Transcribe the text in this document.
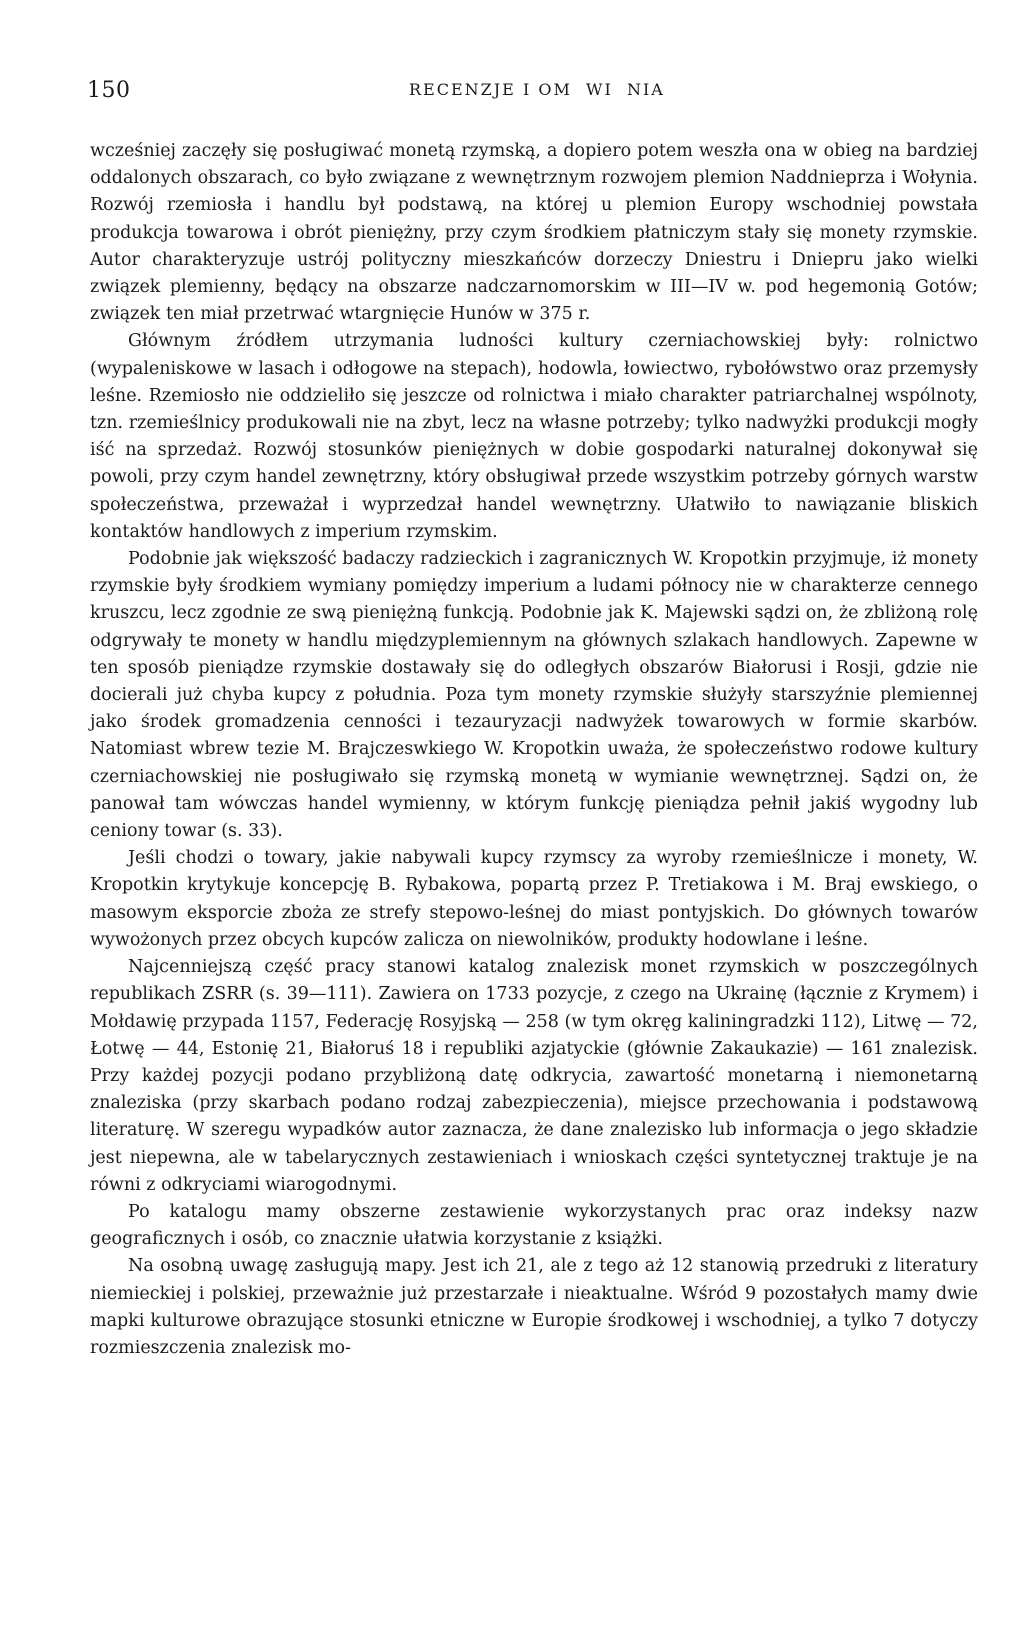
150	RECENZJE I OM  WI  NIA

wcześniej zaczęły się posługiwać monetą rzymską, a dopiero potem weszła ona w obieg na bardziej oddalonych obszarach, co było związane z wewnętrznym rozwojem plemion Naddnieprza i Wołynia. Rozwój rzemiosła i handlu był podstawą, na której u plemion Europy wschodniej powstała produkcja towarowa i obrót pieniężny, przy czym środkiem płatniczym stały się monety rzymskie. Autor charakteryzuje ustrój polityczny mieszkańców dorzeczy Dniestru i Dniepru jako wielki związek plemienny, będący na obszarze nadczarnomorskim w III—IV w. pod hegemonią Gotów; związek ten miał przetrwać wtargnięcie Hunów w 375 r.

Głównym źródłem utrzymania ludności kultury czerniachowskiej były: rolnictwo (wypaleniskowe w lasach i odłogowe na stepach), hodowla, łowiectwo, rybołówstwo oraz przemysły leśne. Rzemiosło nie oddzieliło się jeszcze od rolnictwa i miało charakter patriarchalnej wspólnoty, tzn. rzemieślnicy produkowali nie na zbyt, lecz na własne potrzeby; tylko nadwyżki produkcji mogły iść na sprzedaż. Rozwój stosunków pieniężnych w dobie gospodarki naturalnej dokonywał się powoli, przy czym handel zewnętrzny, który obsługiwał przede wszystkim potrzeby górnych warstw społeczeństwa, przeważał i wyprzedzał handel wewnętrzny. Ułatwiło to nawiązanie bliskich kontaktów handlowych z imperium rzymskim.

Podobnie jak większość badaczy radzieckich i zagranicznych W. Kropotkin przyjmuje, iż monety rzymskie były środkiem wymiany pomiędzy imperium a ludami północy nie w charakterze cennego kruszcu, lecz zgodnie ze swą pieniężną funkcją. Podobnie jak K. Majewski sądzi on, że zbliżoną rolę odgrywały te monety w handlu międzyplemiennym na głównych szlakach handlowych. Zapewne w ten sposób pieniądze rzymskie dostawały się do odległych obszarów Białorusi i Rosji, gdzie nie docierali już chyba kupcy z południa. Poza tym monety rzymskie służyły starszyźnie plemiennej jako środek gromadzenia cenności i tezauryzacji nadwyżek towarowych w formie skarbów. Natomiast wbrew tezie M. Brajczeswkiego W. Kropotkin uważa, że społeczeństwo rodowe kultury czerniachowskiej nie posługiwało się rzymską monetą w wymianie wewnętrznej. Sądzi on, że panował tam wówczas handel wymienny, w którym funkcję pieniądza pełnił jakiś wygodny lub ceniony towar (s. 33).

Jeśli chodzi o towary, jakie nabywali kupcy rzymscy za wyroby rzemieślnicze i monety, W. Kropotkin krytykuje koncepcję B. Rybakowa, popartą przez P. Tretiakowa i M. Braj ewskiego, o masowym eksporcie zboża ze strefy stepowo-leśnej do miast pontyjskich. Do głównych towarów wywożonych przez obcych kupców zalicza on niewolników, produkty hodowlane i leśne.

Najcenniejszą część pracy stanowi katalog znalezisk monet rzymskich w poszczególnych republikach ZSRR (s. 39—111). Zawiera on 1733 pozycje, z czego na Ukrainę (łącznie z Krymem) i Mołdawię przypada 1157, Federację Rosyjską — 258 (w tym okręg kaliningradzki 112), Litwę — 72, Łotwę — 44, Estonię 21, Białoruś 18 i republiki azjatyckie (głównie Zakaukazie) — 161 znalezisk. Przy każdej pozycji podano przybliżoną datę odkrycia, zawartość monetarną i niemonetarną znaleziska (przy skarbach podano rodzaj zabezpieczenia), miejsce przechowania i podstawową literaturę. W szeregu wypadków autor zaznacza, że dane znalezisko lub informacja o jego składzie jest niepewna, ale w tabelarycznych zestawieniach i wnioskach części syntetycznej traktuje je na równi z odkryciami wiarogodnymi.

Po katalogu mamy obszerne zestawienie wykorzystanych prac oraz indeksy nazw geograficznych i osób, co znacznie ułatwia korzystanie z książki.

Na osobną uwagę zasługują mapy. Jest ich 21, ale z tego aż 12 stanowią przedruki z literatury niemieckiej i polskiej, przeważnie już przestarzałe i nieaktualne. Wśród 9 pozostałych mamy dwie mapki kulturowe obrazujące stosunki etniczne w Europie środkowej i wschodniej, a tylko 7 dotyczy rozmieszczenia znalezisk mo-
